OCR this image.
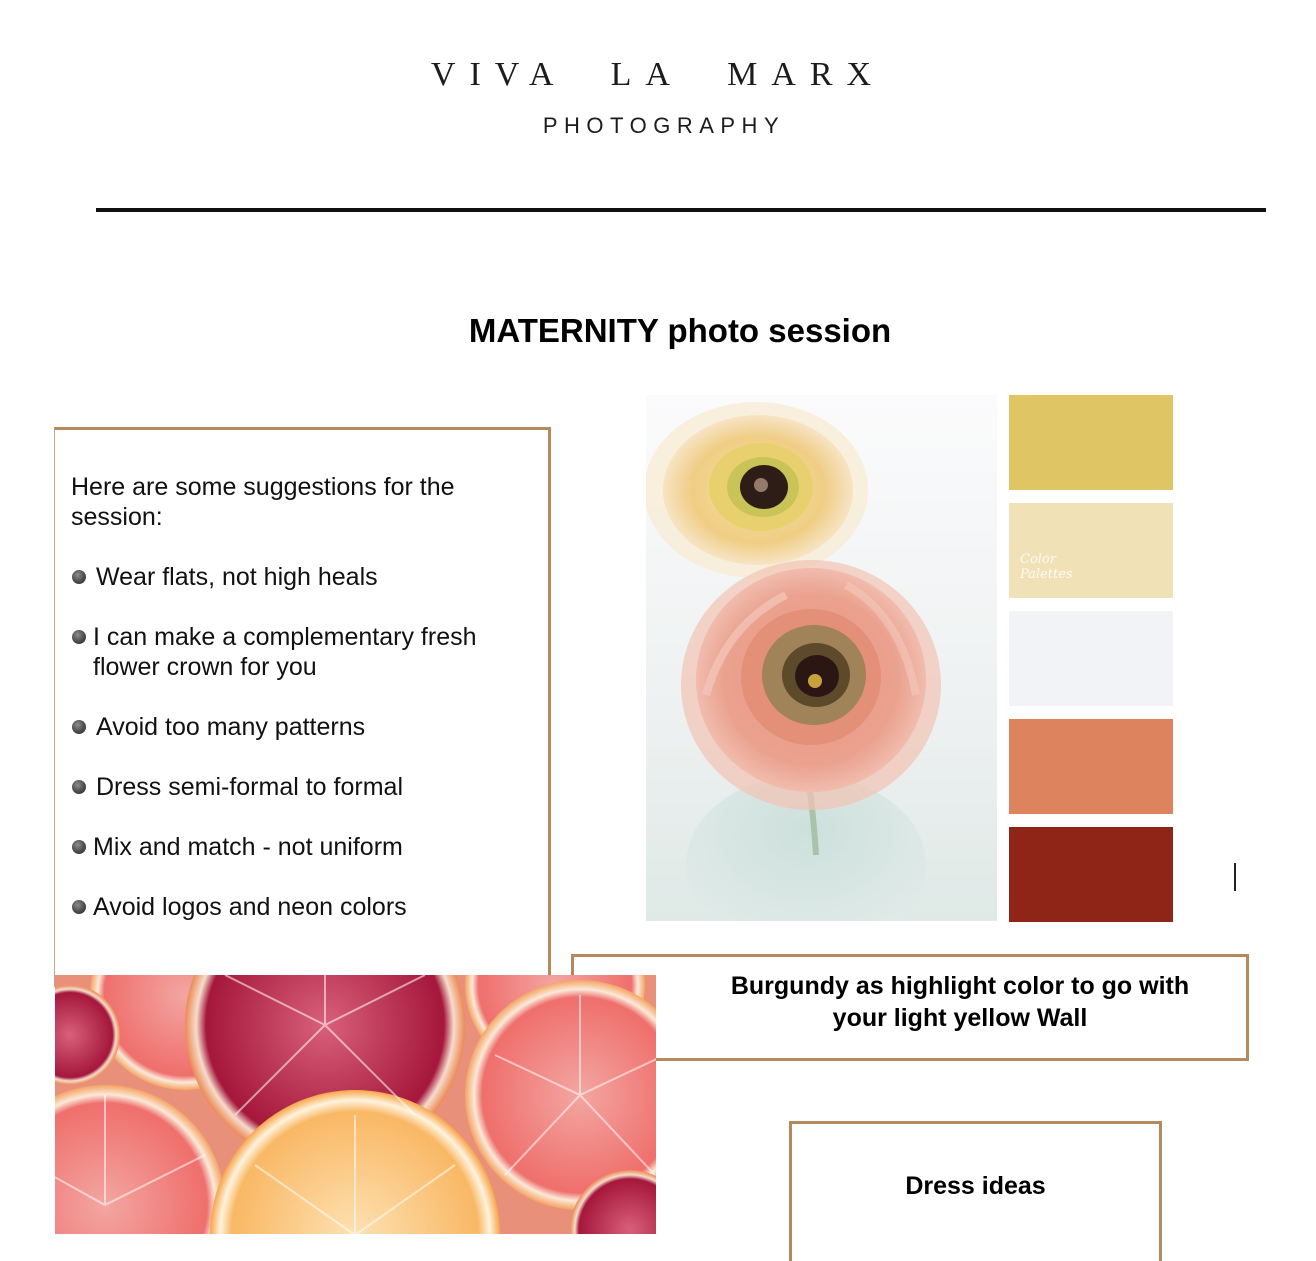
VIVA  LA  MARX
PHOTOGRAPHY
MATERNITY photo session
Here are some suggestions for the session:
Wear flats, not high heals
I can make a complementary fresh flower crown for you
Avoid too many patterns
Dress semi-formal to formal
Mix and match - not uniform
Avoid logos and neon colors
Color
Palettes
Burgundy as highlight color to go with
your light yellow Wall
Dress ideas
